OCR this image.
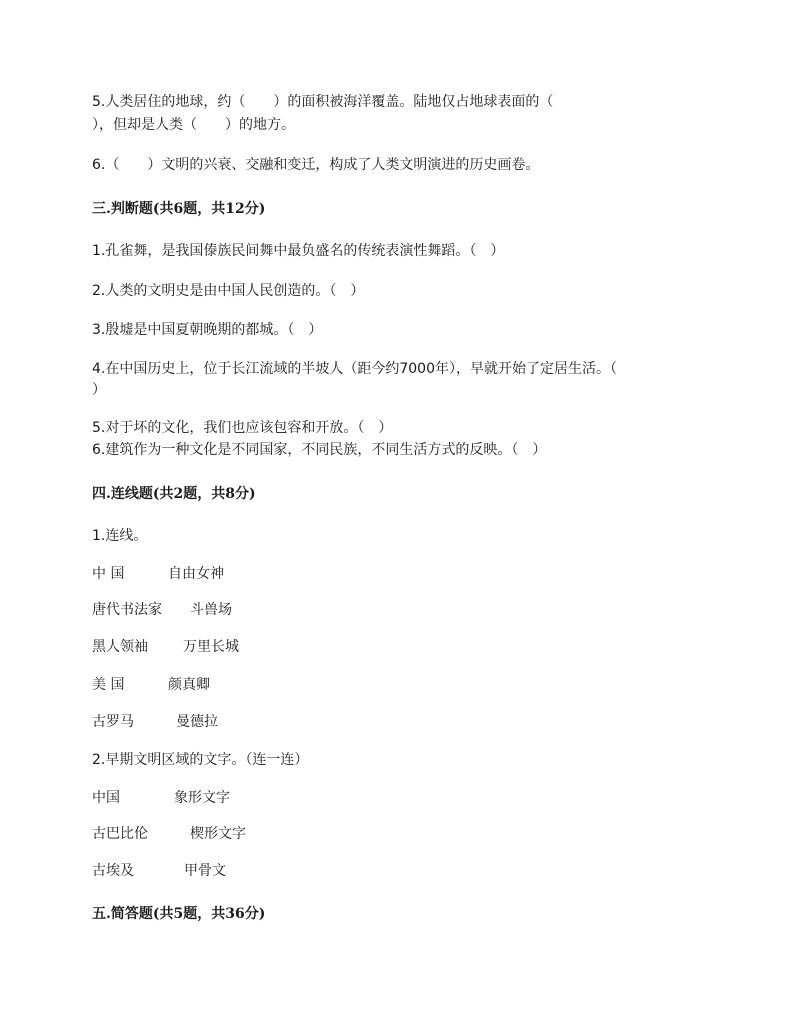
5.人类居住的地球，约（　　）的面积被海洋覆盖。陆地仅占地球表面的（
），但却是人类（　　）的地方。
6.（　　）文明的兴衰、交融和变迁，构成了人类文明演进的历史画卷。
三.判断题(共6题，共12分)
1.孔雀舞，是我国傣族民间舞中最负盛名的传统表演性舞蹈。（　）
2.人类的文明史是由中国人民创造的。（　）
3.殷墟是中国夏朝晚期的都城。（　）
4.在中国历史上，位于长江流域的半坡人（距今约7000年），早就开始了定居生活。（
）
5.对于坏的文化，我们也应该包容和开放。（　）
6.建筑作为一种文化是不同国家，不同民族，不同生活方式的反映。（　）
四.连线题(共2题，共8分)
1.连线。
中 国	自由女神
唐代书法家 斗兽场
黑人领袖	万里长城
美 国	颜真卿
古罗马	曼德拉
2.早期文明区域的文字。（连一连）
中国	象形文字
古巴比伦	楔形文字
古埃及	甲骨文
五.简答题(共5题，共36分)
